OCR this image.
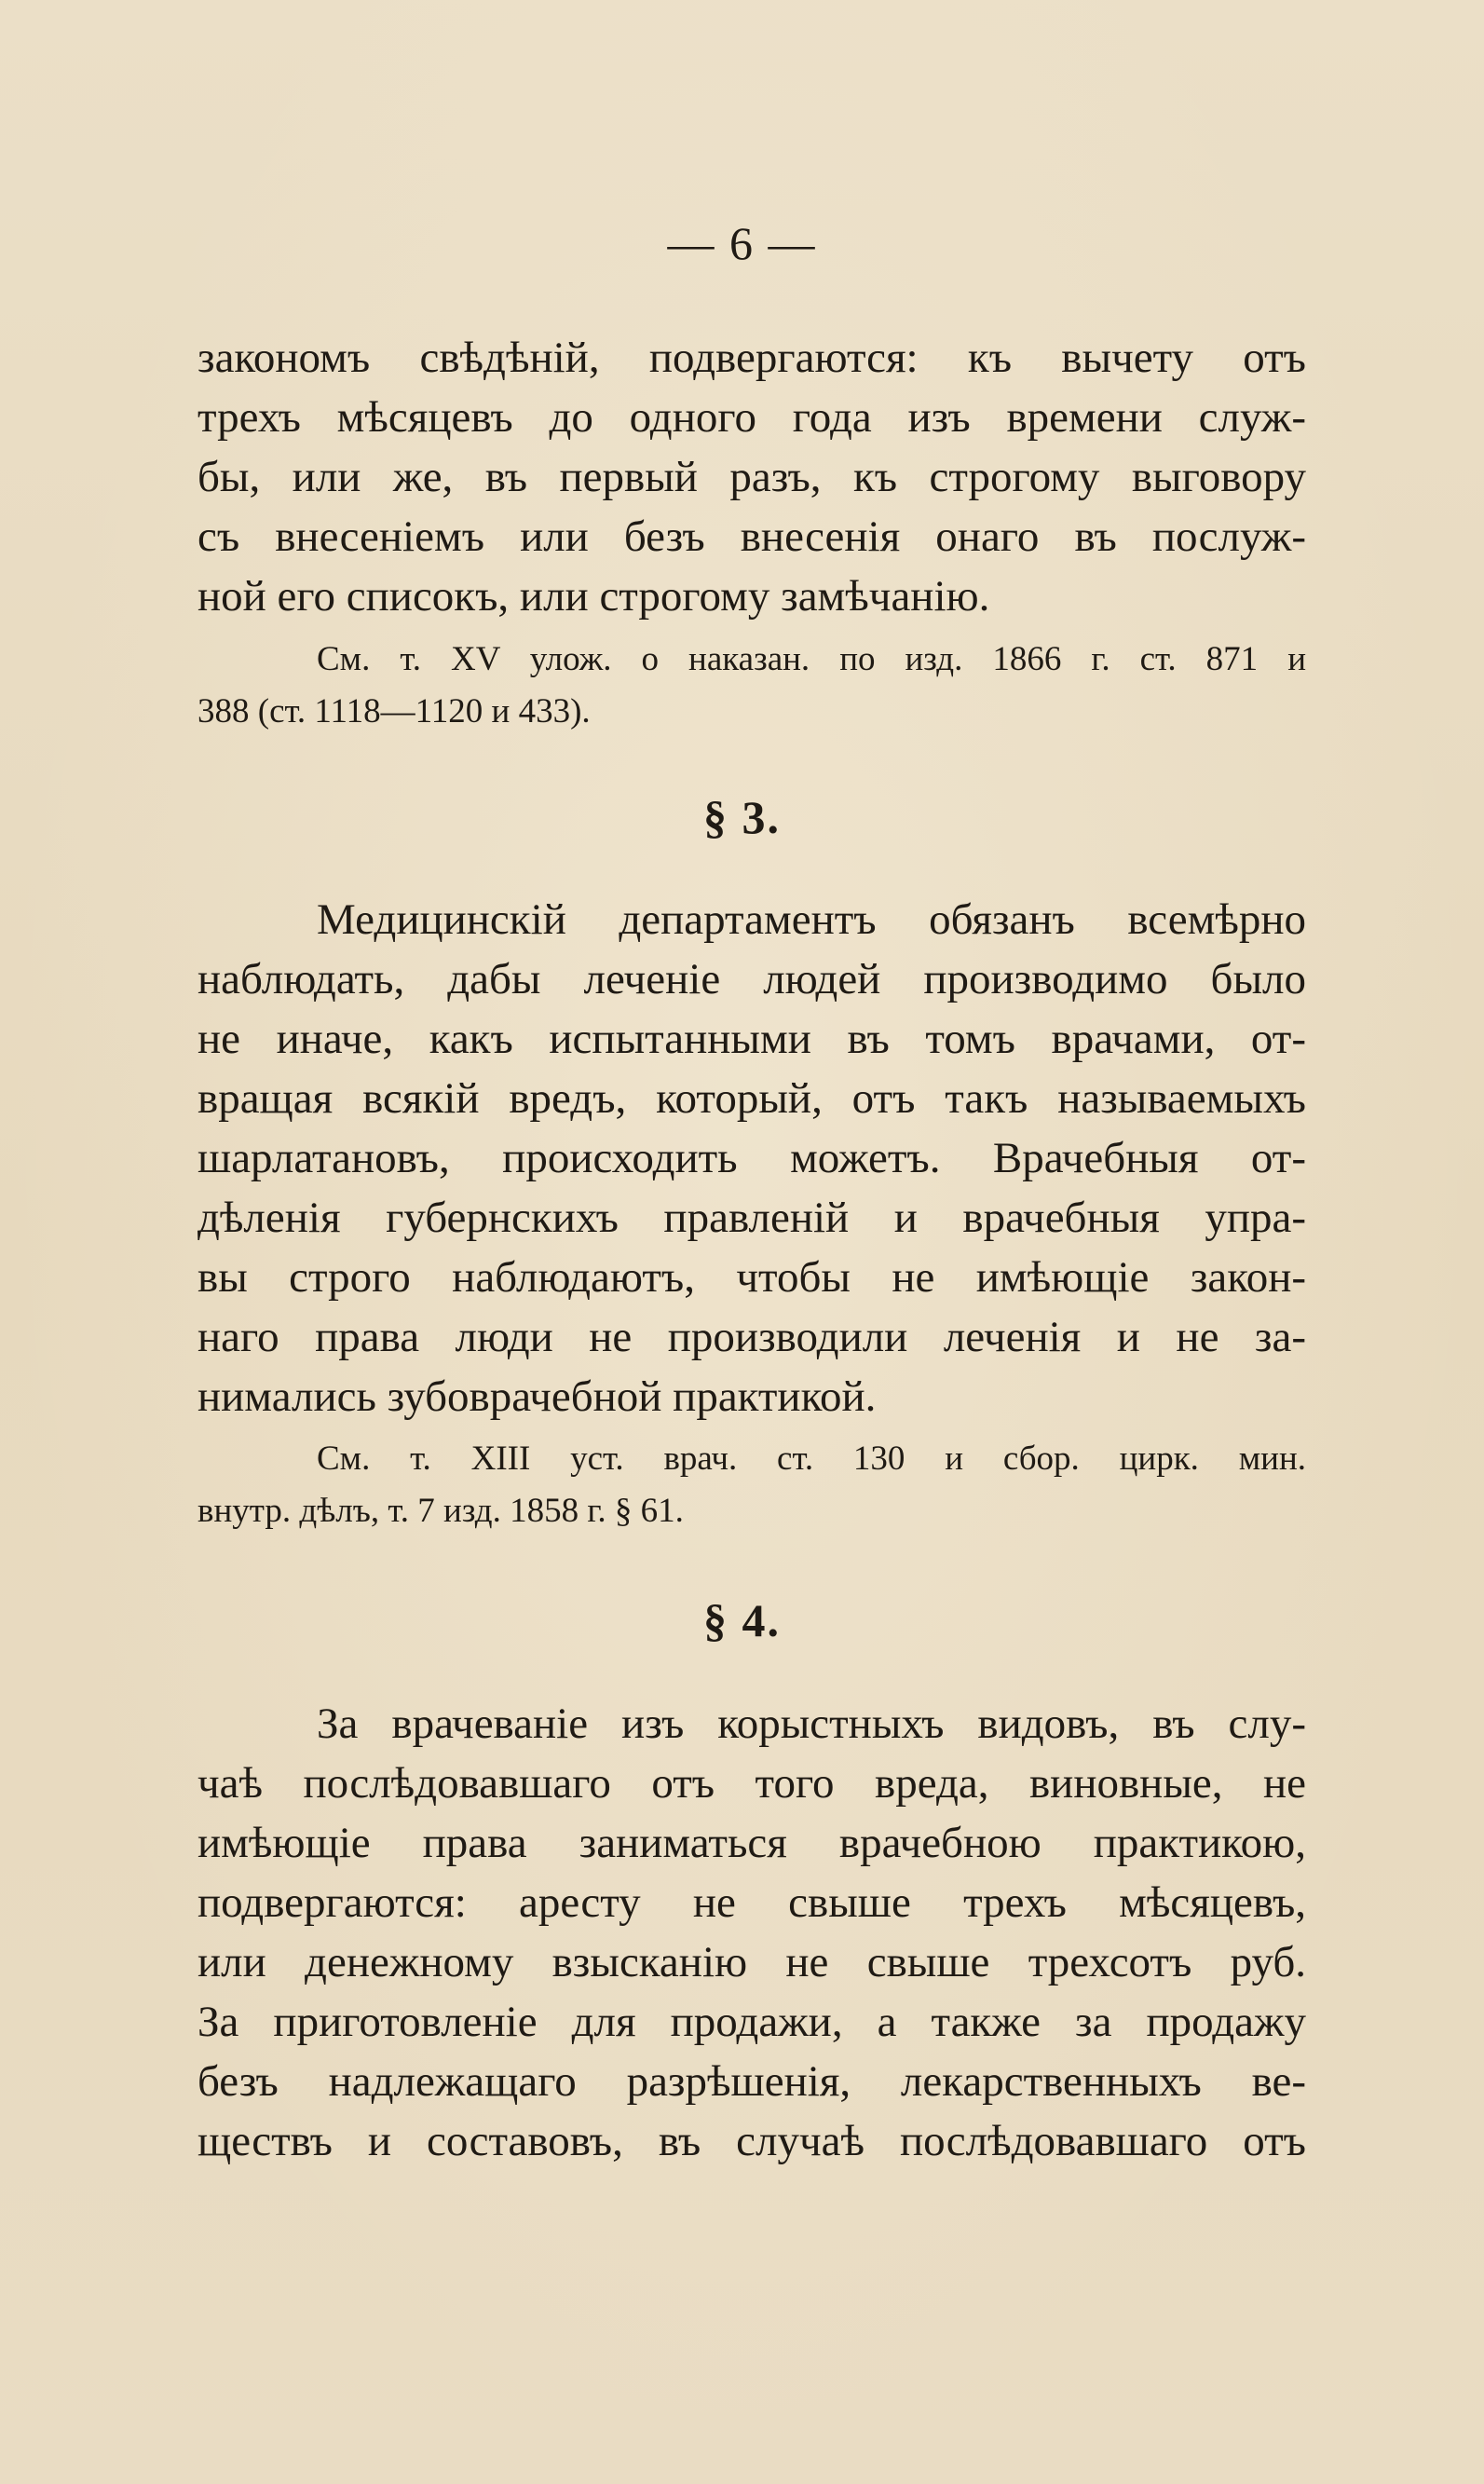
— 6 —
закономъ свѣдѣній, подвергаются: къ вычету отъ
трехъ мѣсяцевъ до одного года изъ времени служ-
бы, или же, въ первый разъ, къ строгому выговору
съ внесеніемъ или безъ внесенія онаго въ послуж-
ной его списокъ, или строгому замѣчанію.
См. т. XV улож. о наказан. по изд. 1866 г. ст. 871 и
388 (ст. 1118—1120 и 433).
§ 3.
Медицинскій департаментъ обязанъ всемѣрно
наблюдать, дабы леченіе людей производимо было
не иначе, какъ испытанными въ томъ врачами, от-
вращая всякій вредъ, который, отъ такъ называемыхъ
шарлатановъ, происходить можетъ. Врачебныя от-
дѣленія губернскихъ правленій и врачебныя упра-
вы строго наблюдаютъ, чтобы не имѣющіе закон-
наго права люди не производили леченія и не за-
нимались зубоврачебной практикой.
См. т. XIII уст. врач. ст. 130 и сбор. цирк. мин.
внутр. дѣлъ, т. 7 изд. 1858 г. § 61.
§ 4.
За врачеваніе изъ корыстныхъ видовъ, въ слу-
чаѣ послѣдовавшаго отъ того вреда, виновные, не
имѣющіе права заниматься врачебною практикою,
подвергаются: аресту не свыше трехъ мѣсяцевъ,
или денежному взысканію не свыше трехсотъ руб.
За приготовленіе для продажи, а также за продажу
безъ надлежащаго разрѣшенія, лекарственныхъ ве-
ществъ и составовъ, въ случаѣ послѣдовавшаго отъ
